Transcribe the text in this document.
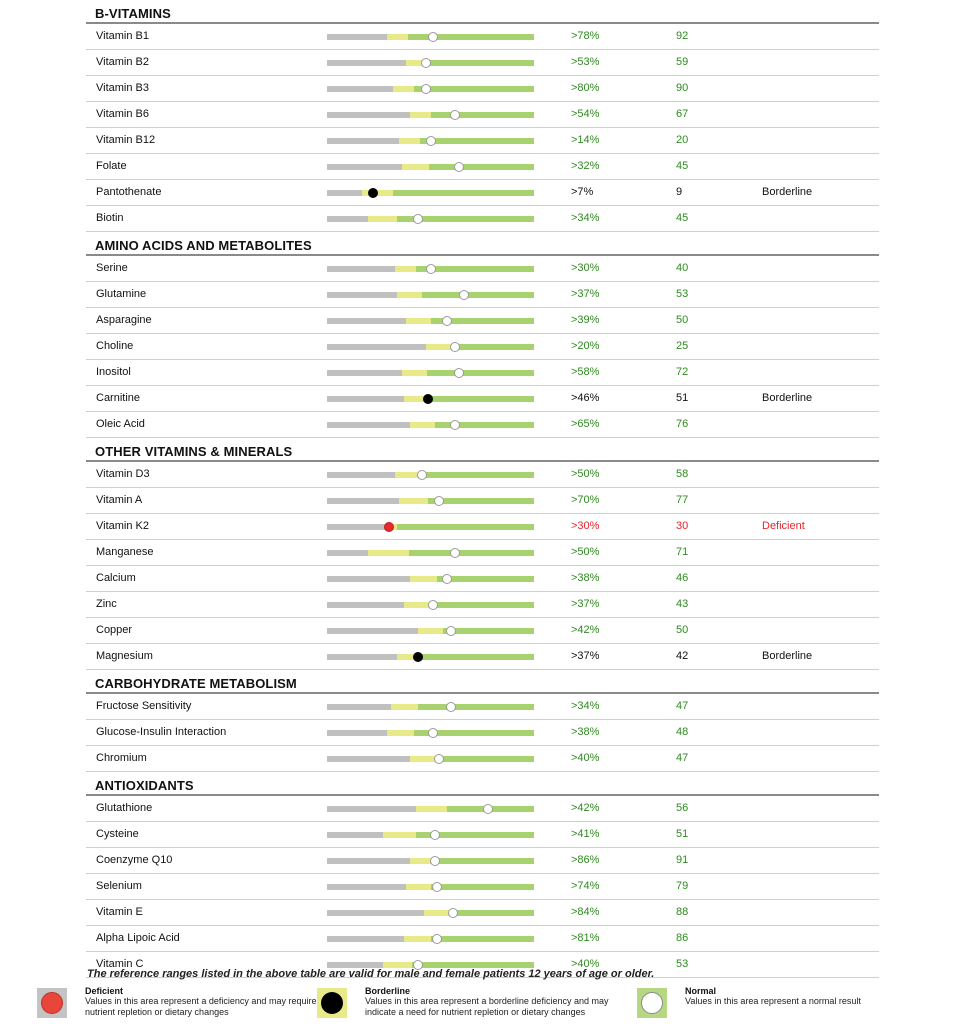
B-VITAMINS
Vitamin B1	>78%	92
Vitamin B2	>53%	59
Vitamin B3	>80%	90
Vitamin B6	>54%	67
Vitamin B12	>14%	20
Folate	>32%	45
Pantothenate	>7%	9	Borderline
Biotin	>34%	45
AMINO ACIDS AND METABOLITES
Serine	>30%	40
Glutamine	>37%	53
Asparagine	>39%	50
Choline	>20%	25
Inositol	>58%	72
Carnitine	>46%	51	Borderline
Oleic Acid	>65%	76
OTHER VITAMINS & MINERALS
Vitamin D3	>50%	58
Vitamin A	>70%	77
Vitamin K2	>30%	30	Deficient
Manganese	>50%	71
Calcium	>38%	46
Zinc	>37%	43
Copper	>42%	50
Magnesium	>37%	42	Borderline
CARBOHYDRATE METABOLISM
Fructose Sensitivity	>34%	47
Glucose-Insulin Interaction	>38%	48
Chromium	>40%	47
ANTIOXIDANTS
Glutathione	>42%	56
Cysteine	>41%	51
Coenzyme Q10	>86%	91
Selenium	>74%	79
Vitamin E	>84%	88
Alpha Lipoic Acid	>81%	86
Vitamin C	>40%	53
The reference ranges listed in the above table are valid for male and female patients 12 years of age or older.
Deficient
Values in this area represent a deficiency and may require nutrient repletion or dietary changes
Borderline
Values in this area represent a borderline deficiency and may indicate a need for nutrient repletion or dietary changes
Normal
Values in this area represent a normal result
